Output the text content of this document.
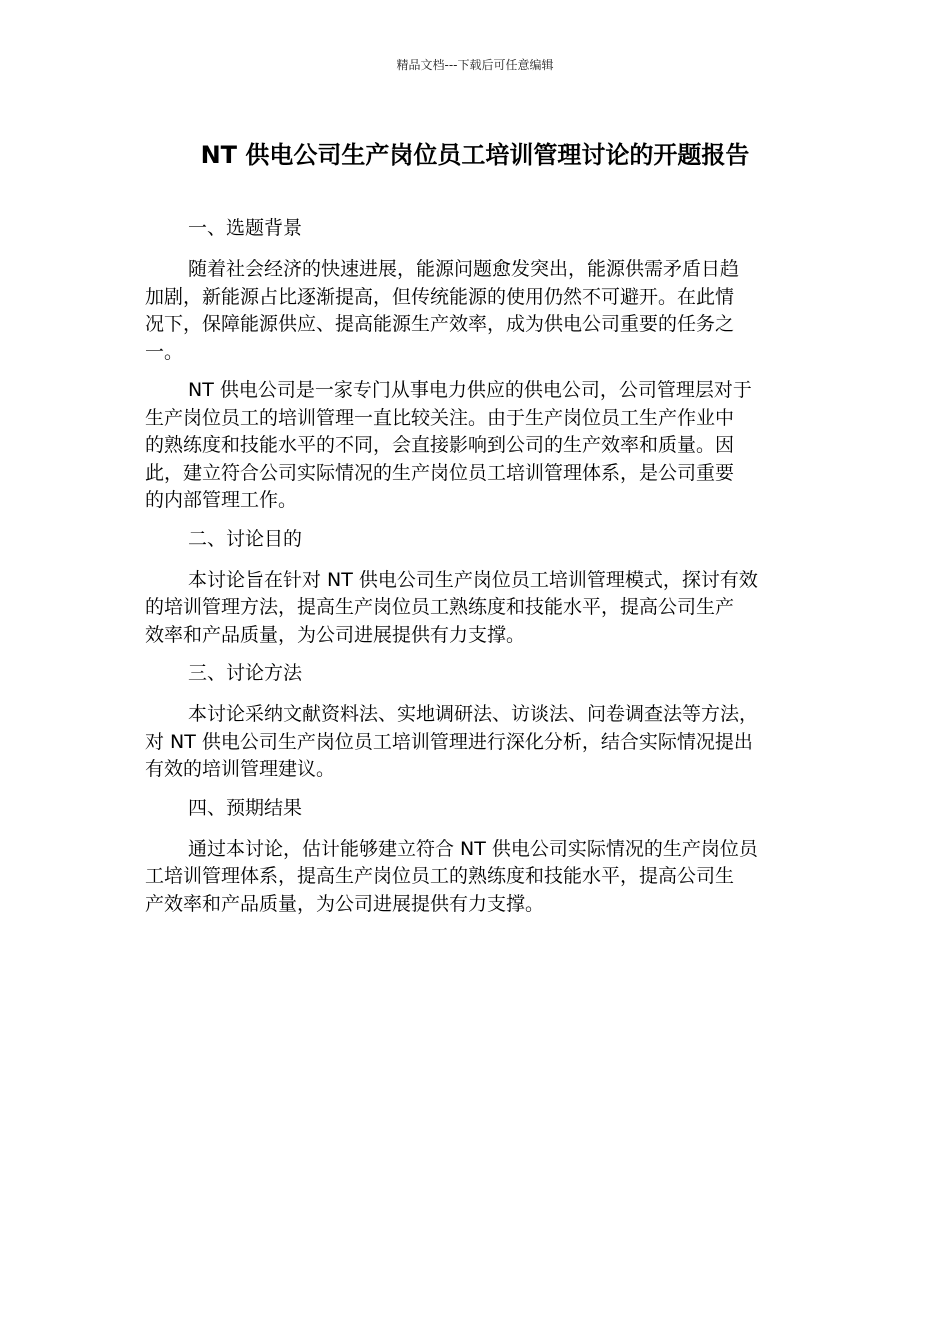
精品文档---下载后可任意编辑
NT 供电公司生产岗位员工培训管理讨论的开题报告
一、选题背景
随着社会经济的快速进展，能源问题愈发突出，能源供需矛盾日趋
加剧，新能源占比逐渐提高，但传统能源的使用仍然不可避开。在此情
况下，保障能源供应、提高能源生产效率，成为供电公司重要的任务之
一。
NT 供电公司是一家专门从事电力供应的供电公司，公司管理层对于
生产岗位员工的培训管理一直比较关注。由于生产岗位员工生产作业中
的熟练度和技能水平的不同，会直接影响到公司的生产效率和质量。因
此，建立符合公司实际情况的生产岗位员工培训管理体系，是公司重要
的内部管理工作。
二、讨论目的
本讨论旨在针对 NT 供电公司生产岗位员工培训管理模式，探讨有效
的培训管理方法，提高生产岗位员工熟练度和技能水平，提高公司生产
效率和产品质量，为公司进展提供有力支撑。
三、讨论方法
本讨论采纳文献资料法、实地调研法、访谈法、问卷调查法等方法，
对 NT 供电公司生产岗位员工培训管理进行深化分析，结合实际情况提出
有效的培训管理建议。
四、预期结果
通过本讨论，估计能够建立符合 NT 供电公司实际情况的生产岗位员
工培训管理体系，提高生产岗位员工的熟练度和技能水平，提高公司生
产效率和产品质量，为公司进展提供有力支撑。
